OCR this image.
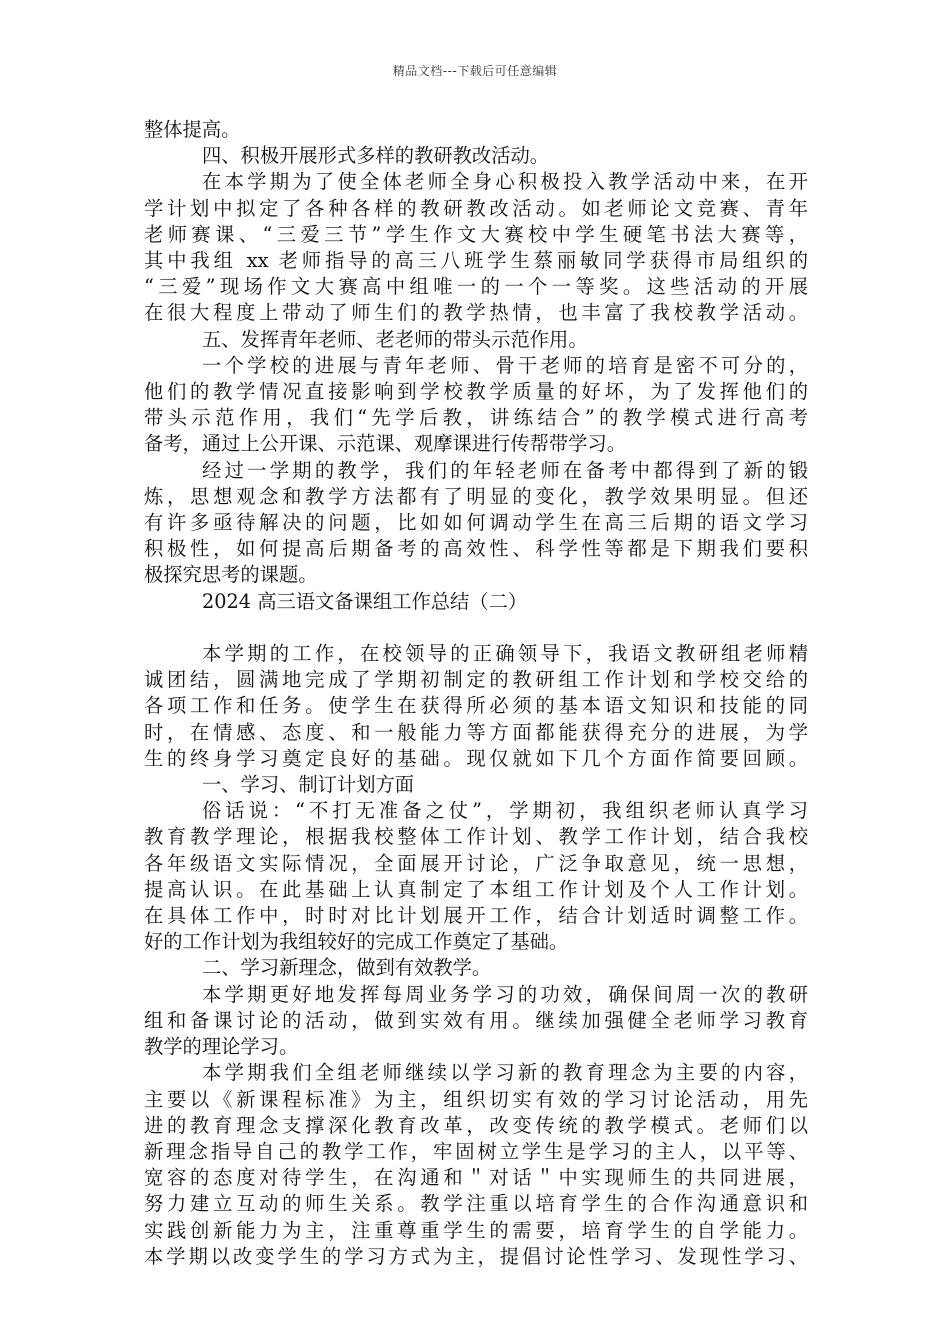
精品文档---下载后可任意编辑
整体提高。
四、积极开展形式多样的教研教改活动。
在本学期为了使全体老师全身心积极投入教学活动中来，在开
学计划中拟定了各种各样的教研教改活动。如老师论文竞赛、青年
老师赛课、“三爱三节”学生作文大赛校中学生硬笔书法大赛等，
其中我组 xx 老师指导的高三八班学生蔡丽敏同学获得市局组织的
“三爱”现场作文大赛高中组唯一的一个一等奖。这些活动的开展
在很大程度上带动了师生们的教学热情，也丰富了我校教学活动。
五、发挥青年老师、老老师的带头示范作用。
一个学校的进展与青年老师、骨干老师的培育是密不可分的，
他们的教学情况直接影响到学校教学质量的好坏，为了发挥他们的
带头示范作用，我们“先学后教，讲练结合”的教学模式进行高考
备考，通过上公开课、示范课、观摩课进行传帮带学习。
经过一学期的教学，我们的年轻老师在备考中都得到了新的锻
炼，思想观念和教学方法都有了明显的变化，教学效果明显。但还
有许多亟待解决的问题，比如如何调动学生在高三后期的语文学习
积极性，如何提高后期备考的高效性、科学性等都是下期我们要积
极探究思考的课题。
2024 高三语文备课组工作总结（二）
本学期的工作，在校领导的正确领导下，我语文教研组老师精
诚团结，圆满地完成了学期初制定的教研组工作计划和学校交给的
各项工作和任务。使学生在获得所必须的基本语文知识和技能的同
时，在情感、态度、和一般能力等方面都能获得充分的进展，为学
生的终身学习奠定良好的基础。现仅就如下几个方面作简要回顾。
一、学习、制订计划方面
俗话说：“不打无准备之仗”，学期初，我组织老师认真学习
教育教学理论，根据我校整体工作计划、教学工作计划，结合我校
各年级语文实际情况，全面展开讨论，广泛争取意见，统一思想，
提高认识。在此基础上认真制定了本组工作计划及个人工作计划。
在具体工作中，时时对比计划展开工作，结合计划适时调整工作。
好的工作计划为我组较好的完成工作奠定了基础。
二、学习新理念，做到有效教学。
本学期更好地发挥每周业务学习的功效，确保间周一次的教研
组和备课讨论的活动，做到实效有用。继续加强健全老师学习教育
教学的理论学习。
本学期我们全组老师继续以学习新的教育理念为主要的内容，
主要以《新课程标准》为主，组织切实有效的学习讨论活动，用先
进的教育理念支撑深化教育改革，改变传统的教学模式。老师们以
新理念指导自己的教学工作，牢固树立学生是学习的主人，以平等、
宽容的态度对待学生，在沟通和＂对话＂中实现师生的共同进展，
努力建立互动的师生关系。教学注重以培育学生的合作沟通意识和
实践创新能力为主，注重尊重学生的需要，培育学生的自学能力。
本学期以改变学生的学习方式为主，提倡讨论性学习、发现性学习、
